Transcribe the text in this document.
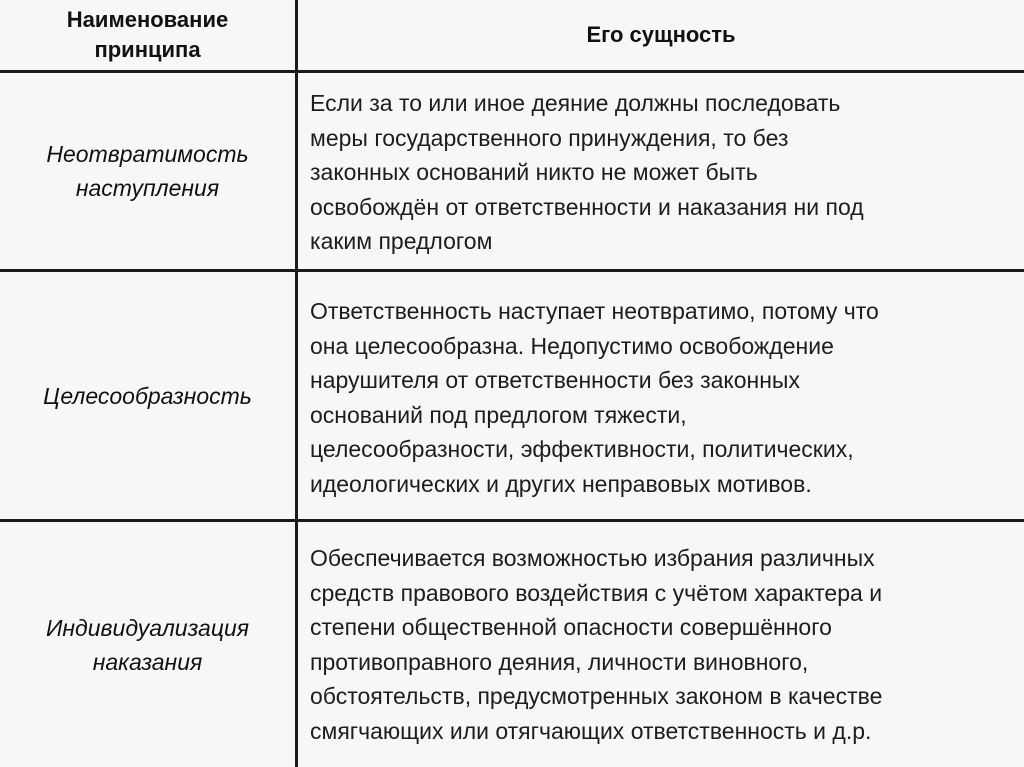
Наименование
принципа
Его сущность
Неотвратимость
наступления
Если за то или иное деяние должны последовать
меры государственного принуждения, то без
законных оснований никто не может быть
освобождён от ответственности и наказания ни под
каким предлогом
Целесообразность
Ответственность наступает неотвратимо, потому что
она целесообразна. Недопустимо освобождение
нарушителя от ответственности без законных
оснований под предлогом тяжести,
целесообразности, эффективности, политических,
идеологических и других неправовых мотивов.
Индивидуализация
наказания
Обеспечивается возможностью избрания различных
средств правового воздействия с учётом характера и
степени общественной опасности совершённого
противоправного деяния, личности виновного,
обстоятельств, предусмотренных законом в качестве
смягчающих или отягчающих ответственность и д.р.
